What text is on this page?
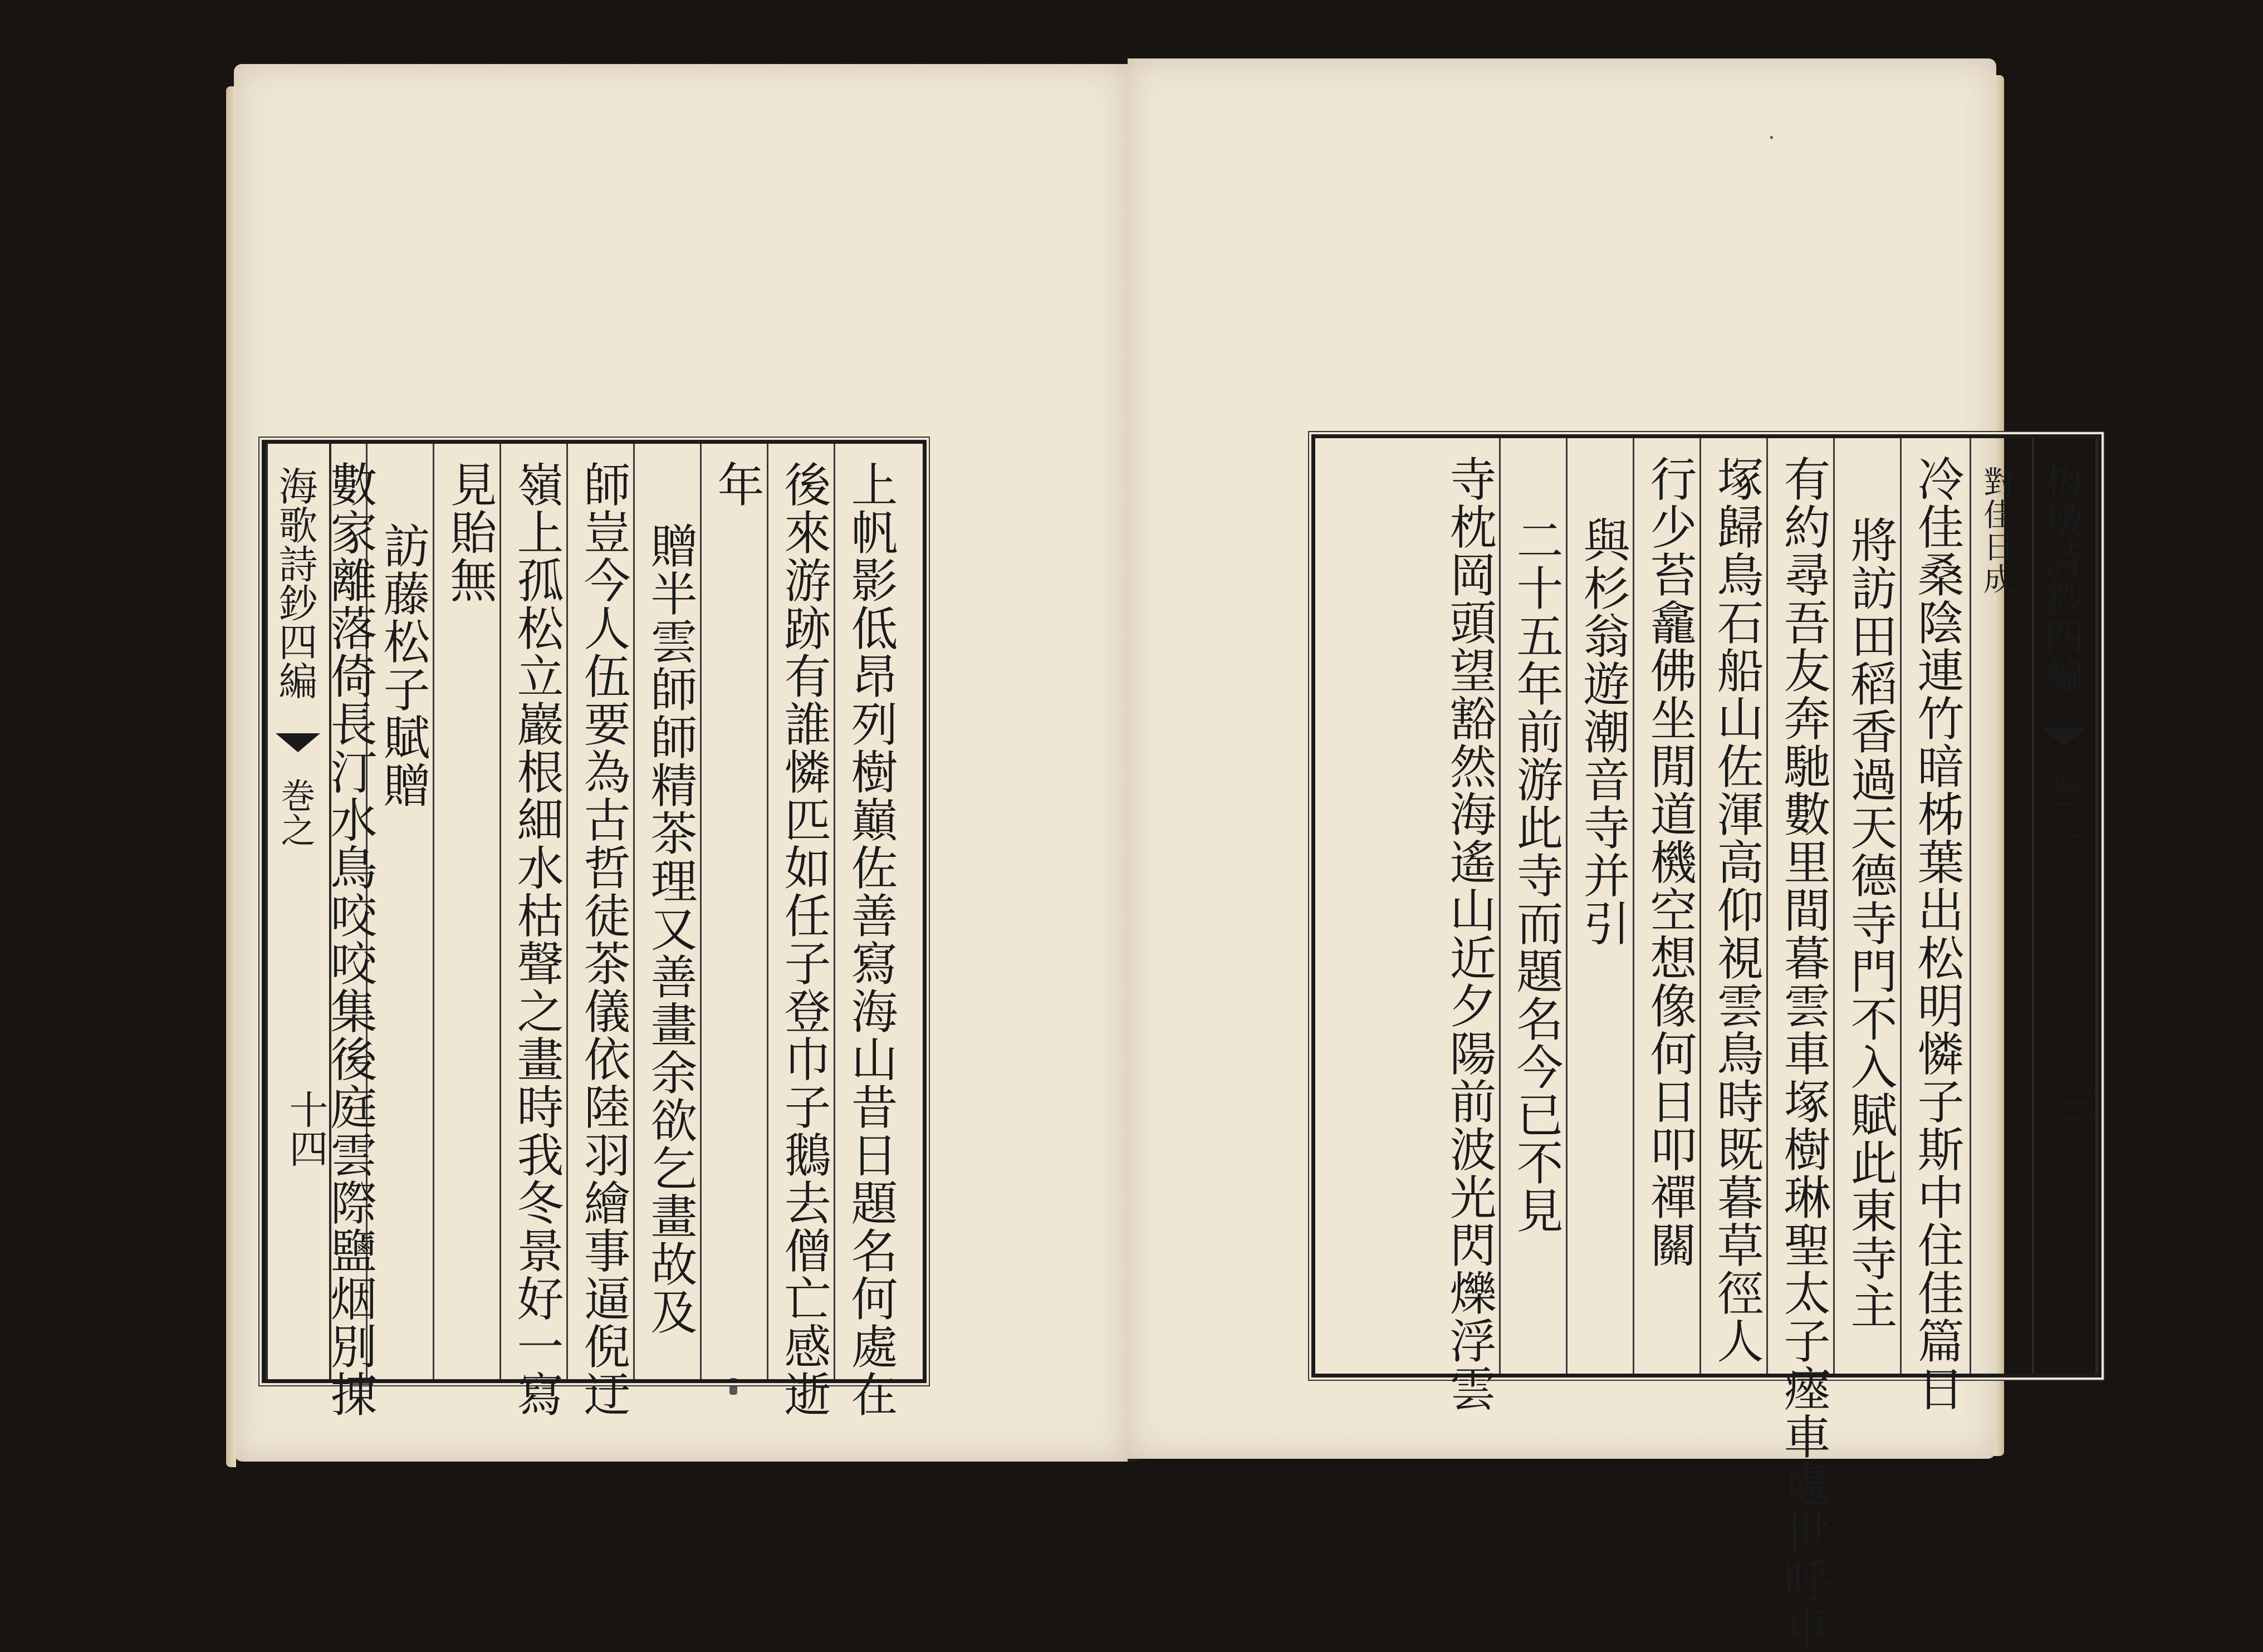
海歌詩鈔四編
巻之
十四	上帆影低昂列樹巔佐善寫海山昔日題名何處在
後來游跡有誰憐匹如任子登巾子鵝去僧亡感逝
年
贈半雲師師精茶理又善畫余欲乞畫故及
師豈今人伍要為古哲徒茶儀依陸羽繪事逼倪迂
嶺上孤松立巖根細水枯聲之畫時我冬景好一寫
見貽無
訪藤松子賦贈
數家離落倚長汀水鳥咬咬集後庭雲際鹽烟別㨂
·
梅墩詩鈔四編
巻三
三
對佳日成
冷佳桑陰連竹暗柹葉出松明憐子斯中住佳篇日
將訪田稻香過天德寺門不入賦此東寺主
有約尋吾友奔馳數里間暮雲車塚樹琳聖太子瘞車處世呼車
塚歸鳥石船山佐渾高仰視雲鳥時既暮草徑人
行少苔龕佛坐閒道機空想像何日叩禪關
與杉翁遊潮音寺并引
二十五年前游此寺而題名今已不見
寺枕岡頭望豁然海遙山近夕陽前波光閃爍浮雲
